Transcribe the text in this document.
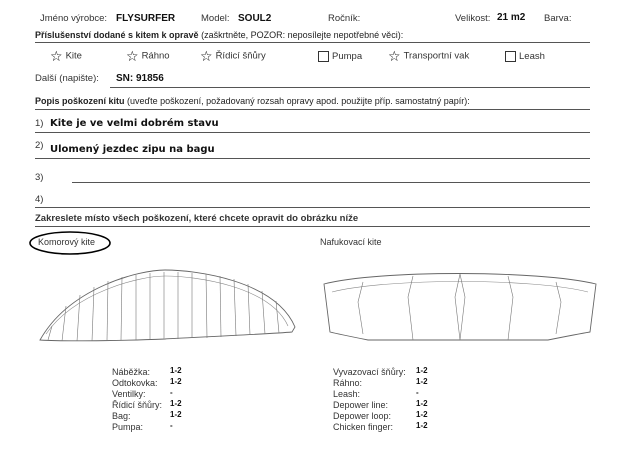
Jméno výrobce: FLYSURFER	Model: SOUL2	Ročník:	Velikost: 21 m2 Barva:
Příslušenství dodané s kitem k opravě (zaškrtněte, POZOR: neposílejte nepotřebné věci):
☆ Kite	☆ Ráhno ☆ Řídicí šňůry	Pumpa ☆ Transportní vak	Leash
Další (napište): SN: 91856
Popis poškození kitu (uveďte poškození, požadovaný rozsah opravy apod. použijte příp. samostatný papír):
1) Kite je ve velmi dobrém stavu
2) Ulomený jezdec zipu na bagu
3)
4)
Zakreslete místo všech poškození, které chcete opravit do obrázku níže
Komorový kite	Nafukovací kite
Náběžka: 1-2
Odtokovka: 1-2
Ventilky:	-
Řídicí šňůry: 1-2
Bag:	1-2
Pumpa:	-
Vyvazovací šňůry: 1-2
Ráhno:	1-2
Leash:	-
Depower line:	1-2
Depower loop:	1-2
Chicken finger:	1-2
